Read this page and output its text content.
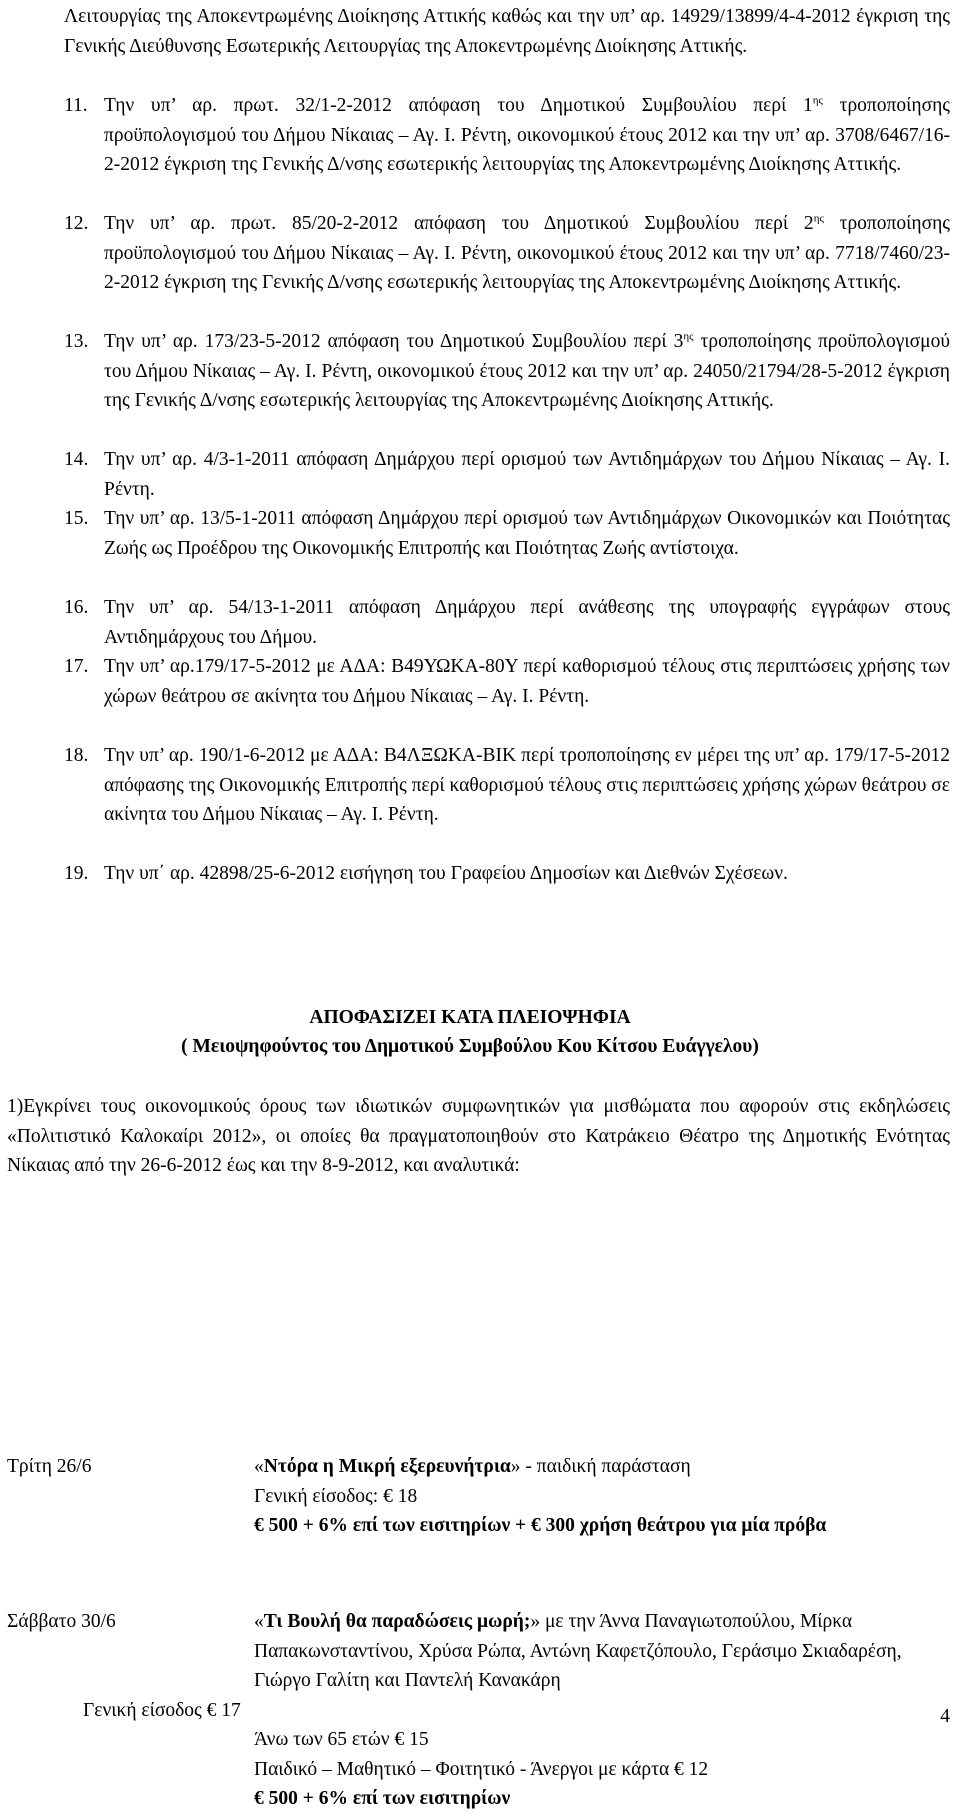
Λειτουργίας της Αποκεντρωμένης Διοίκησης Αττικής καθώς και την υπ’ αρ. 14929/13899/4-4-2012 έγκριση της Γενικής Διεύθυνσης Εσωτερικής Λειτουργίας της Αποκεντρωμένης Διοίκησης Αττικής.
11. Την υπ’ αρ. πρωτ. 32/1-2-2012 απόφαση του Δημοτικού Συμβουλίου περί $1^{\eta\varsigma}$ τροποποίησης προϋπολογισμού του Δήμου Νίκαιας – Αγ. Ι. Ρέντη, οικονομικού έτους 2012 και την υπ’ αρ. 3708/6467/16-2-2012 έγκριση της Γενικής Δ/νσης εσωτερικής λειτουργίας της Αποκεντρωμένης Διοίκησης Αττικής.
12. Την υπ’ αρ. πρωτ. 85/20-2-2012 απόφαση του Δημοτικού Συμβουλίου περί $2^{\eta\varsigma}$ τροποποίησης προϋπολογισμού του Δήμου Νίκαιας – Αγ. Ι. Ρέντη, οικονομικού έτους 2012 και την υπ’ αρ. 7718/7460/23-2-2012 έγκριση της Γενικής Δ/νσης εσωτερικής λειτουργίας της Αποκεντρωμένης Διοίκησης Αττικής.
13. Την υπ’ αρ. 173/23-5-2012 απόφαση του Δημοτικού Συμβουλίου περί $3^{\eta\varsigma}$ τροποποίησης προϋπολογισμού του Δήμου Νίκαιας – Αγ. Ι. Ρέντη, οικονομικού έτους 2012 και την υπ’ αρ. 24050/21794/28-5-2012 έγκριση της Γενικής Δ/νσης εσωτερικής λειτουργίας της Αποκεντρωμένης Διοίκησης Αττικής.
14. Την υπ’ αρ. 4/3-1-2011 απόφαση Δημάρχου περί ορισμού των Αντιδημάρχων του Δήμου Νίκαιας – Αγ. Ι. Ρέντη.
15. Την υπ’ αρ. 13/5-1-2011 απόφαση Δημάρχου περί ορισμού των Αντιδημάρχων Οικονομικών και Ποιότητας Ζωής ως Προέδρου της Οικονομικής Επιτροπής και Ποιότητας Ζωής αντίστοιχα.
16. Την υπ’ αρ. 54/13-1-2011 απόφαση Δημάρχου περί ανάθεσης της υπογραφής εγγράφων στους Αντιδημάρχους του Δήμου.
17. Την υπ’ αρ.179/17-5-2012 με ΑΔΑ: Β49ΥΩΚΑ-80Υ περί καθορισμού τέλους στις περιπτώσεις χρήσης των χώρων θεάτρου σε ακίνητα του Δήμου Νίκαιας – Αγ. Ι. Ρέντη.
18. Την υπ’ αρ. 190/1-6-2012 με ΑΔΑ: Β4ΛΞΩΚΑ-ΒΙΚ περί τροποποίησης εν μέρει της υπ’ αρ. 179/17-5-2012 απόφασης της Οικονομικής Επιτροπής περί καθορισμού τέλους στις περιπτώσεις χρήσης χώρων θεάτρου σε ακίνητα του Δήμου Νίκαιας – Αγ. Ι. Ρέντη.
19. Την υπ΄ αρ. 42898/25-6-2012 εισήγηση του Γραφείου Δημοσίων και Διεθνών Σχέσεων.
ΑΠΟΦΑΣΙΖΕΙ ΚΑΤΑ ΠΛΕΙΟΨΗΦΙΑ
( Μειοψηφούντος του Δημοτικού Συμβούλου Κου Κίτσου Ευάγγελου)
1)Εγκρίνει τους οικονομικούς όρους των ιδιωτικών συμφωνητικών για μισθώματα που αφορούν στις εκδηλώσεις «Πολιτιστικό Καλοκαίρι 2012», οι οποίες θα πραγματοποιηθούν στο Κατράκειο Θέατρο της Δημοτικής Ενότητας Νίκαιας από την 26-6-2012 έως και την 8-9-2012, και αναλυτικά:
Τρίτη 26/6	«Ντόρα η Μικρή εξερευνήτρια» - παιδική παράσταση
Γενική είσοδος: € 18
€ 500 + 6% επί των εισιτηρίων + € 300 χρήση θεάτρου για μία πρόβα
Σάββατο 30/6	«Τι Βουλή θα παραδώσεις μωρή;» με την Άννα Παναγιωτοπούλου, Μίρκα Παπακωνσταντίνου, Χρύσα Ρώπα, Αντώνη Καφετζόπουλο, Γεράσιμο Σκιαδαρέση, Γιώργο Γαλίτη και Παντελή Κανακάρη
Γενική είσοδος € 17
Άνω των 65 ετών € 15
Παιδικό – Μαθητικό – Φοιτητικό - Άνεργοι με κάρτα € 12
€ 500 + 6% επί των εισιτηρίων
4
